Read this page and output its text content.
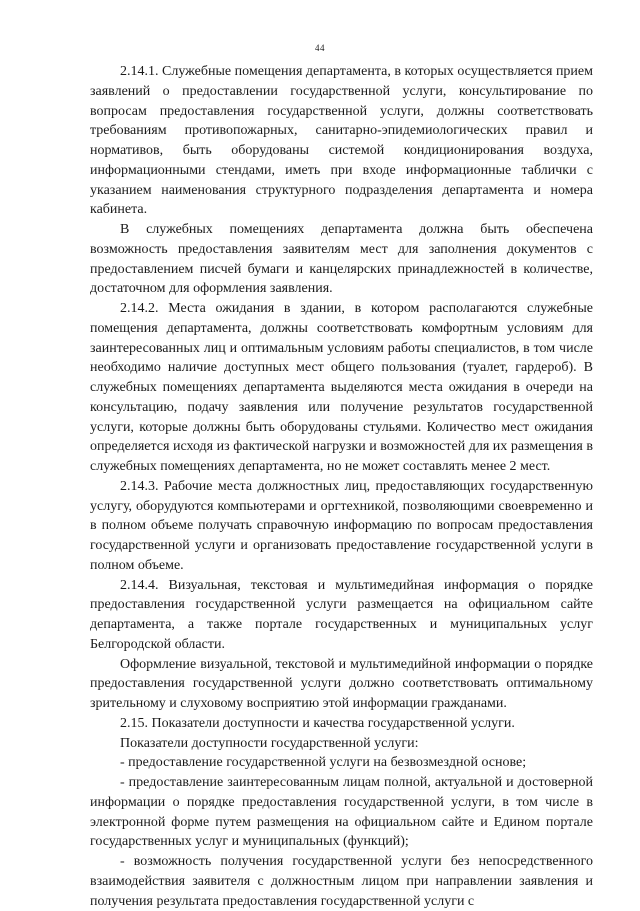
44

2.14.1. Служебные помещения департамента, в которых осуществляется прием заявлений о предоставлении государственной услуги, консультирование по вопросам предоставления государственной услуги, должны соответствовать требованиям противопожарных, санитарно-эпидемиологических правил и нормативов, быть оборудованы системой кондиционирования воздуха, информационными стендами, иметь при входе информационные таблички с указанием наименования структурного подразделения департамента и номера кабинета.

В служебных помещениях департамента должна быть обеспечена возможность предоставления заявителям мест для заполнения документов с предоставлением писчей бумаги и канцелярских принадлежностей в количестве, достаточном для оформления заявления.

2.14.2. Места ожидания в здании, в котором располагаются служебные помещения департамента, должны соответствовать комфортным условиям для заинтересованных лиц и оптимальным условиям работы специалистов, в том числе необходимо наличие доступных мест общего пользования (туалет, гардероб). В служебных помещениях департамента выделяются места ожидания в очереди на консультацию, подачу заявления или получение результатов государственной услуги, которые должны быть оборудованы стульями. Количество мест ожидания определяется исходя из фактической нагрузки и возможностей для их размещения в служебных помещениях департамента, но не может составлять менее 2 мест.

2.14.3. Рабочие места должностных лиц, предоставляющих государственную услугу, оборудуются компьютерами и оргтехникой, позволяющими своевременно и в полном объеме получать справочную информацию по вопросам предоставления государственной услуги и организовать предоставление государственной услуги в полном объеме.

2.14.4. Визуальная, текстовая и мультимедийная информация о порядке предоставления государственной услуги размещается на официальном сайте департамента, а также портале государственных и муниципальных услуг Белгородской области.

Оформление визуальной, текстовой и мультимедийной информации о порядке предоставления государственной услуги должно соответствовать оптимальному зрительному и слуховому восприятию этой информации гражданами.

2.15. Показатели доступности и качества государственной услуги.

Показатели доступности государственной услуги:

- предоставление государственной услуги на безвозмездной основе;

- предоставление заинтересованным лицам полной, актуальной и достоверной информации о порядке предоставления государственной услуги, в том числе в электронной форме путем размещения на официальном сайте и Едином портале государственных услуг и муниципальных (функций);

- возможность получения государственной услуги без непосредственного взаимодействия заявителя с должностным лицом при направлении заявления и получения результата предоставления государственной услуги с
